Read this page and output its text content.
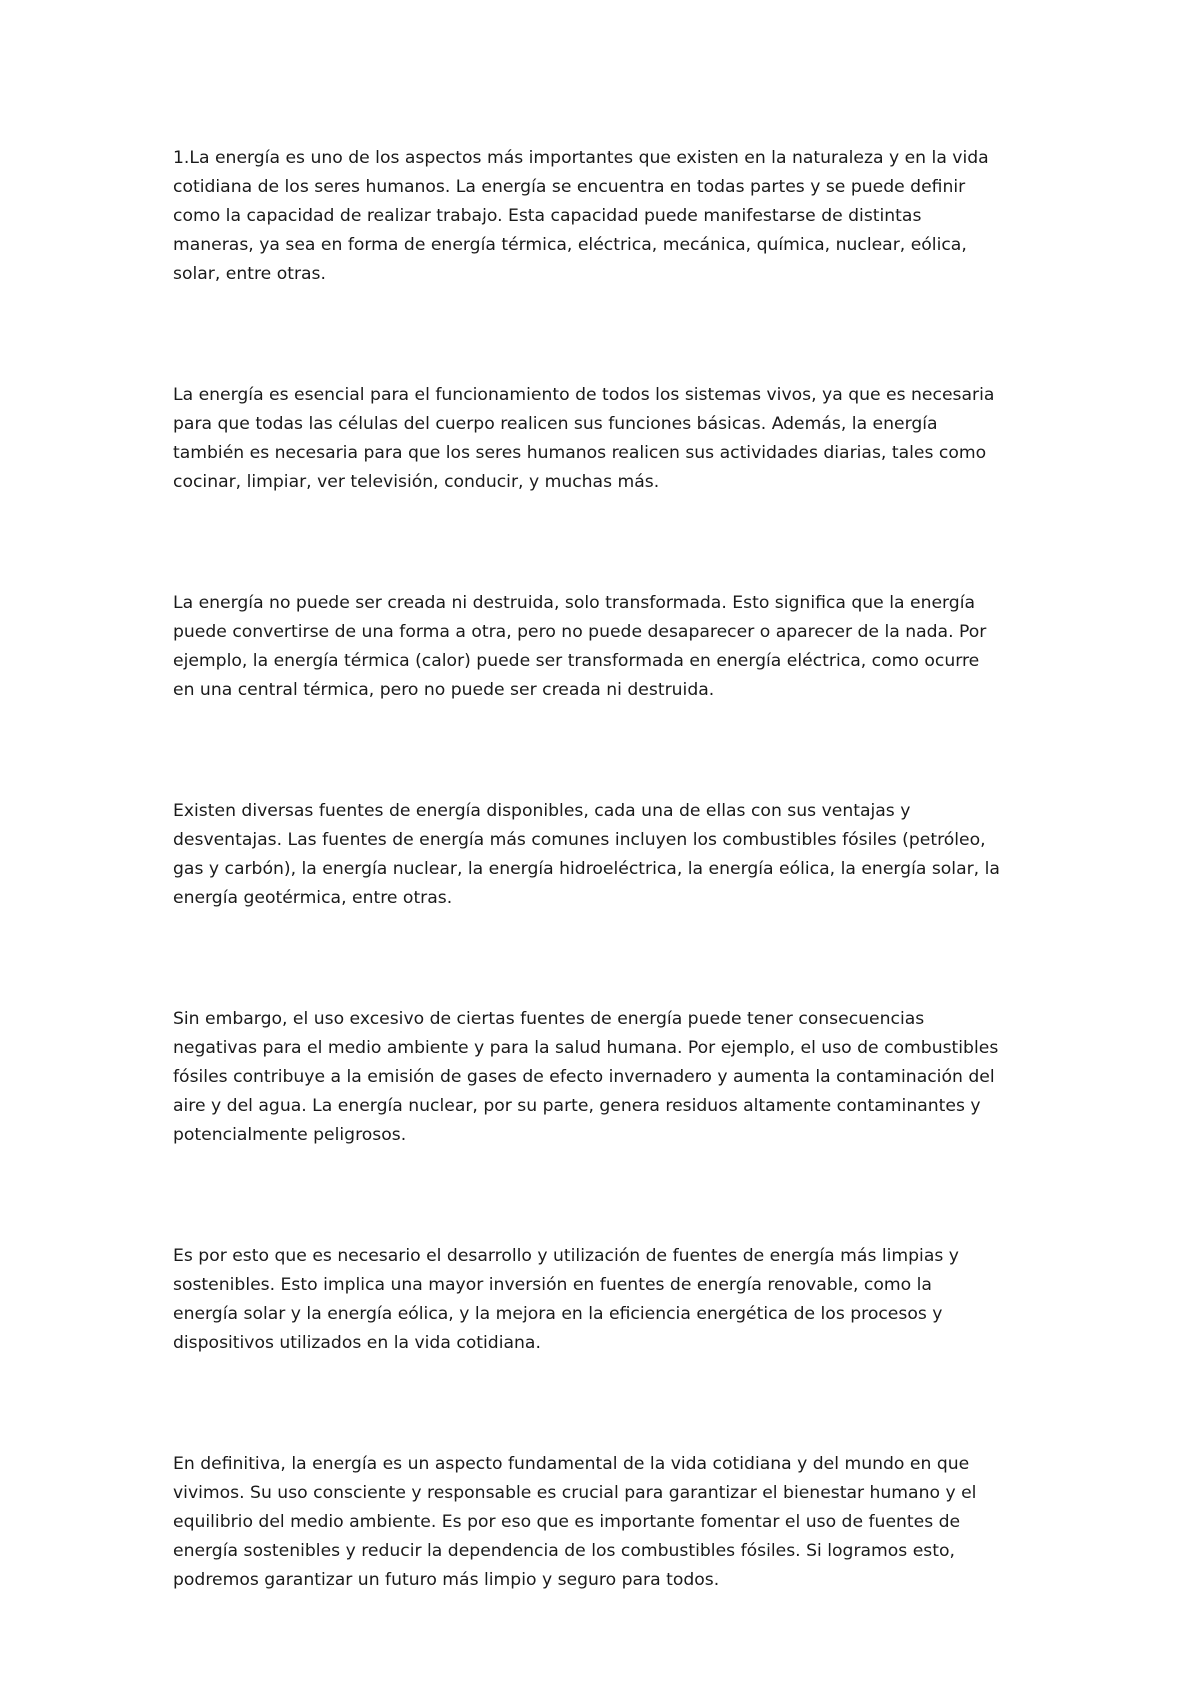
1.La energía es uno de los aspectos más importantes que existen en la naturaleza y en la vida
cotidiana de los seres humanos. La energía se encuentra en todas partes y se puede definir
como la capacidad de realizar trabajo. Esta capacidad puede manifestarse de distintas
maneras, ya sea en forma de energía térmica, eléctrica, mecánica, química, nuclear, eólica,
solar, entre otras.

La energía es esencial para el funcionamiento de todos los sistemas vivos, ya que es necesaria
para que todas las células del cuerpo realicen sus funciones básicas. Además, la energía
también es necesaria para que los seres humanos realicen sus actividades diarias, tales como
cocinar, limpiar, ver televisión, conducir, y muchas más.

La energía no puede ser creada ni destruida, solo transformada. Esto significa que la energía
puede convertirse de una forma a otra, pero no puede desaparecer o aparecer de la nada. Por
ejemplo, la energía térmica (calor) puede ser transformada en energía eléctrica, como ocurre
en una central térmica, pero no puede ser creada ni destruida.

Existen diversas fuentes de energía disponibles, cada una de ellas con sus ventajas y
desventajas. Las fuentes de energía más comunes incluyen los combustibles fósiles (petróleo,
gas y carbón), la energía nuclear, la energía hidroeléctrica, la energía eólica, la energía solar, la
energía geotérmica, entre otras.

Sin embargo, el uso excesivo de ciertas fuentes de energía puede tener consecuencias
negativas para el medio ambiente y para la salud humana. Por ejemplo, el uso de combustibles
fósiles contribuye a la emisión de gases de efecto invernadero y aumenta la contaminación del
aire y del agua. La energía nuclear, por su parte, genera residuos altamente contaminantes y
potencialmente peligrosos.

Es por esto que es necesario el desarrollo y utilización de fuentes de energía más limpias y
sostenibles. Esto implica una mayor inversión en fuentes de energía renovable, como la
energía solar y la energía eólica, y la mejora en la eficiencia energética de los procesos y
dispositivos utilizados en la vida cotidiana.

En definitiva, la energía es un aspecto fundamental de la vida cotidiana y del mundo en que
vivimos. Su uso consciente y responsable es crucial para garantizar el bienestar humano y el
equilibrio del medio ambiente. Es por eso que es importante fomentar el uso de fuentes de
energía sostenibles y reducir la dependencia de los combustibles fósiles. Si logramos esto,
podremos garantizar un futuro más limpio y seguro para todos.
